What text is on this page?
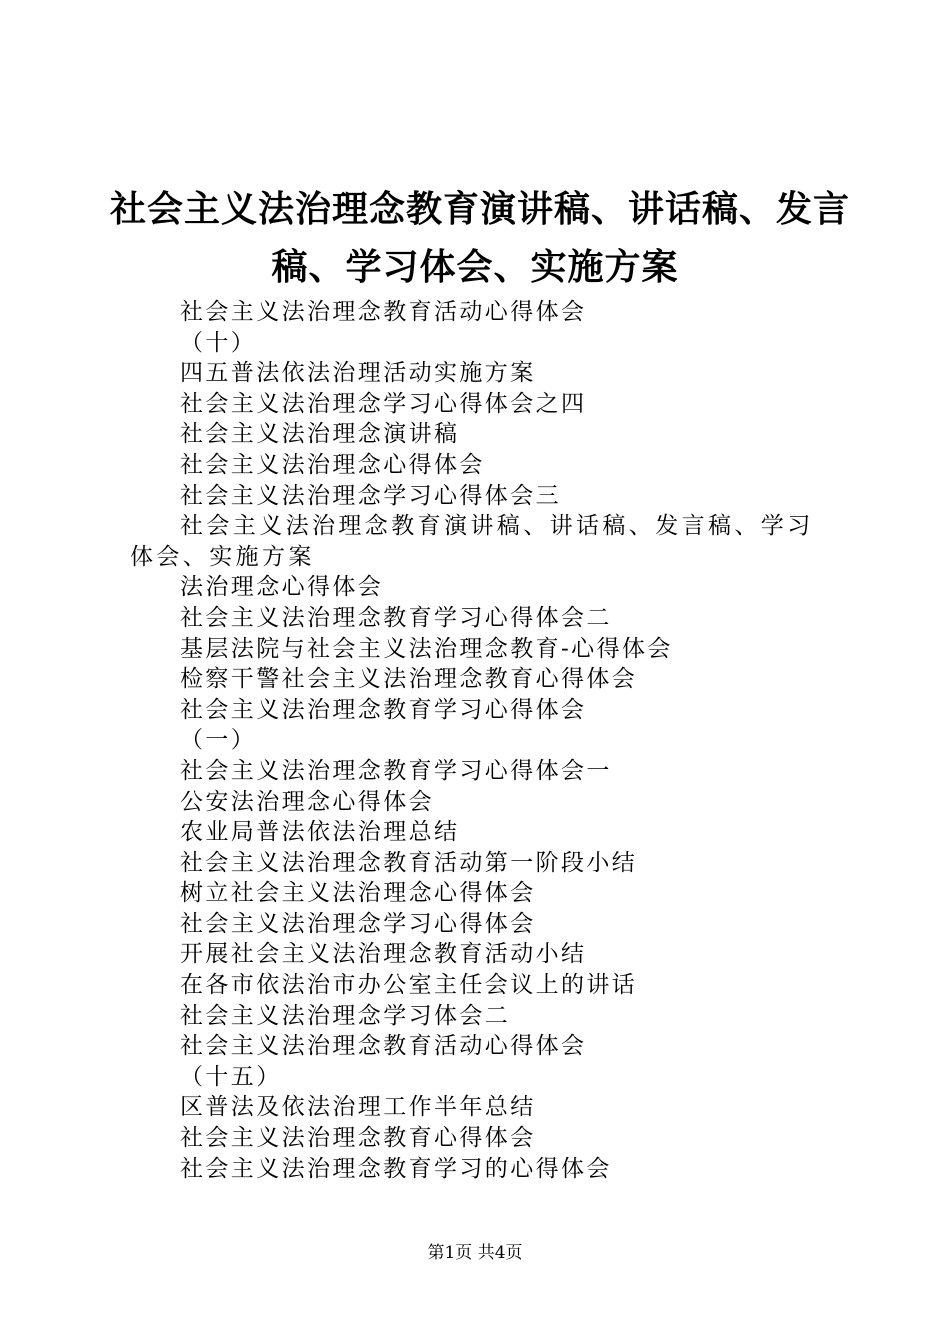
社会主义法治理念教育演讲稿、讲话稿、发言
稿、学习体会、实施方案
社会主义法治理念教育活动心得体会
（十）
四五普法依法治理活动实施方案
社会主义法治理念学习心得体会之四
社会主义法治理念演讲稿
社会主义法治理念心得体会
社会主义法治理念学习心得体会三
社会主义法治理念教育演讲稿、讲话稿、发言稿、学习体会、实施方案
法治理念心得体会
社会主义法治理念教育学习心得体会二
基层法院与社会主义法治理念教育-心得体会
检察干警社会主义法治理念教育心得体会
社会主义法治理念教育学习心得体会
（一）
社会主义法治理念教育学习心得体会一
公安法治理念心得体会
农业局普法依法治理总结
社会主义法治理念教育活动第一阶段小结
树立社会主义法治理念心得体会
社会主义法治理念学习心得体会
开展社会主义法治理念教育活动小结
在各市依法治市办公室主任会议上的讲话
社会主义法治理念学习体会二
社会主义法治理念教育活动心得体会
（十五）
区普法及依法治理工作半年总结
社会主义法治理念教育心得体会
社会主义法治理念教育学习的心得体会
第1页 共4页
